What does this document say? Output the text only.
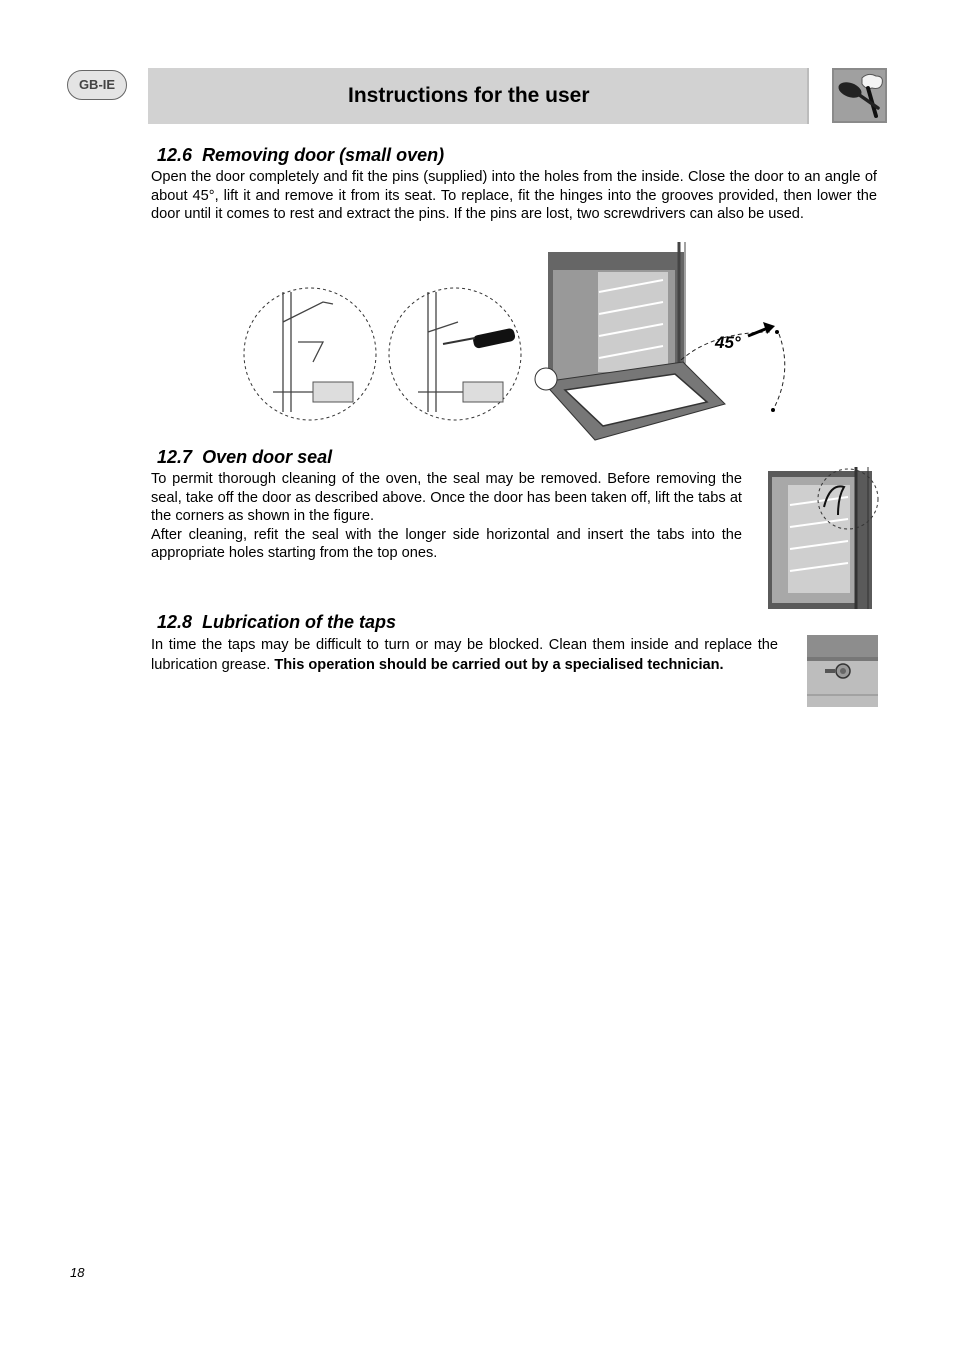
GB-IE	Instructions for the user
12.6 Removing door (small oven)

Open the door completely and fit the pins (supplied) into the holes from the inside. Close the door to an angle of about 45°, lift it and remove it from its seat. To replace, fit the hinges into the grooves provided, then lower the door until it comes to rest and extract the pins. If the pins are lost, two screwdrivers can also be used.

45°
12.7 Oven door seal

To permit thorough cleaning of the oven, the seal may be removed. Before removing the seal, take off the door as described above. Once the door has been taken off, lift the tabs at the corners as shown in the figure.

After cleaning, refit the seal with the longer side horizontal and insert the tabs into the appropriate holes starting from the top ones.

12.8 Lubrication of the taps

In time the taps may be difficult to turn or may be blocked. Clean them inside and replace the lubrication grease. This operation should be carried out by a specialised technician.

18
